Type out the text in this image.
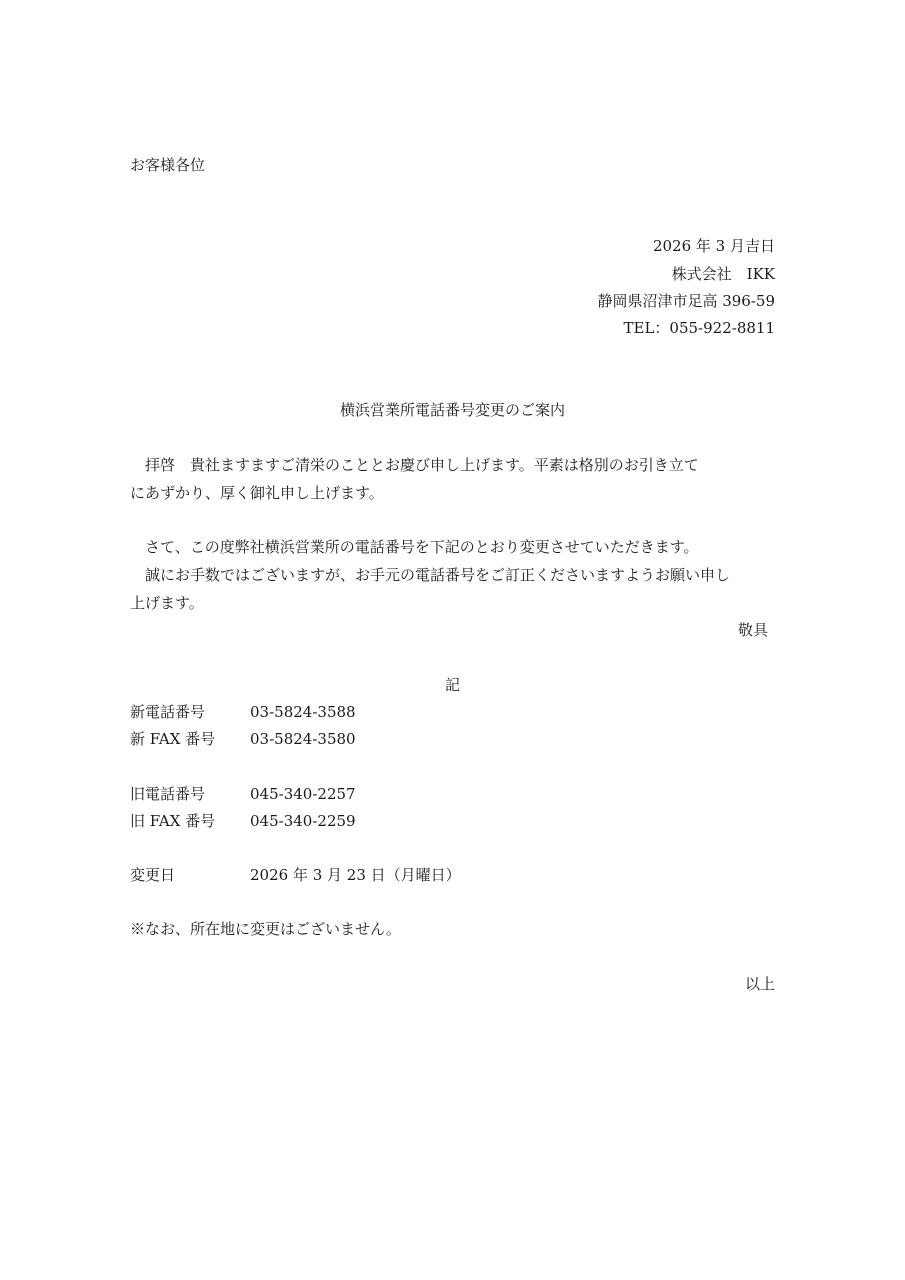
お客様各位
2026 年 3 月吉日
株式会社　IKK
静岡県沼津市足高 396-59
TEL：055-922-8811
横浜営業所電話番号変更のご案内
　拝啓　貴社ますますご清栄のこととお慶び申し上げます。平素は格別のお引き立て
にあずかり、厚く御礼申し上げます。
　さて、この度弊社横浜営業所の電話番号を下記のとおり変更させていただきます。
　誠にお手数ではございますが、お手元の電話番号をご訂正くださいますようお願い申し
上げます。
敬具
記
新電話番号	03-5824-3588
新 FAX 番号 03-5824-3580
旧電話番号	045-340-2257
旧 FAX 番号 045-340-2259
変更日	2026 年 3 月 23 日（月曜日）
※なお、所在地に変更はございません。
以上
